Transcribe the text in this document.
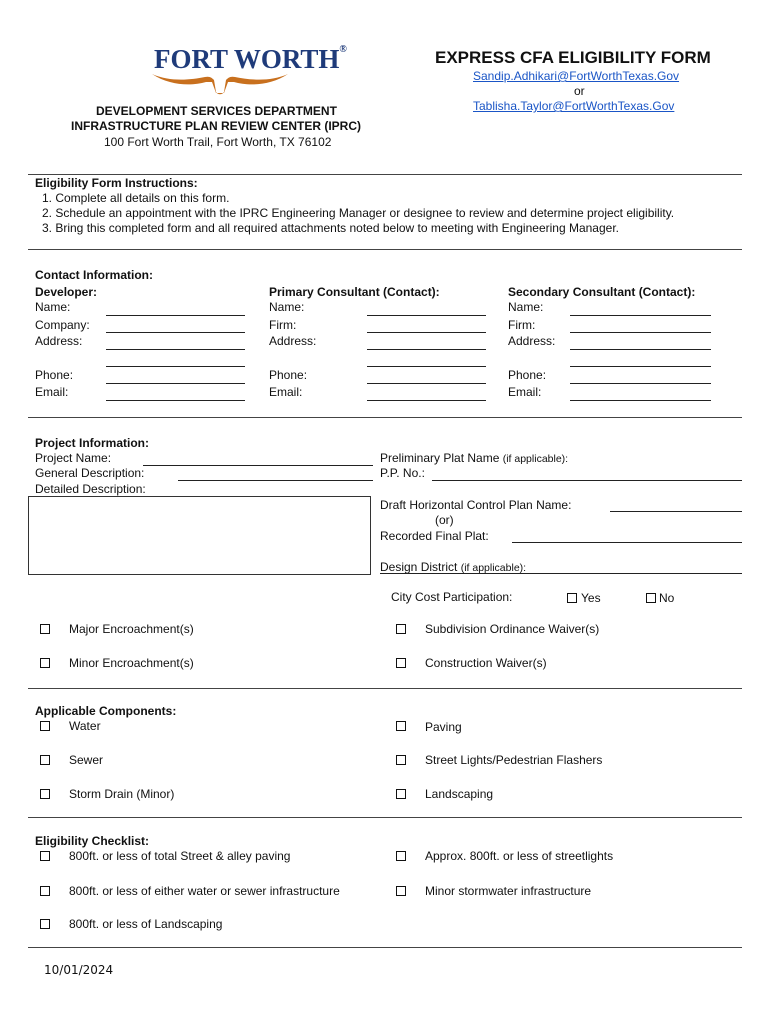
FORT WORTH®
DEVELOPMENT SERVICES DEPARTMENT
INFRASTRUCTURE PLAN REVIEW CENTER (IPRC)
100 Fort Worth Trail, Fort Worth, TX 76102
EXPRESS CFA ELIGIBILITY FORM
Sandip.Adhikari@FortWorthTexas.Gov
or
Tablisha.Taylor@FortWorthTexas.Gov
Eligibility Form Instructions:
1. Complete all details on this form.
2. Schedule an appointment with the IPRC Engineering Manager or designee to review and determine project eligibility.
3. Bring this completed form and all required attachments noted below to meeting with Engineering Manager.
Contact Information:
Developer:
Name:
Company:
Address:
Phone:
Email:
Primary Consultant (Contact):
Name:
Firm:
Address:
Phone:
Email:
Secondary Consultant (Contact):
Name:
Firm:
Address:
Phone:
Email:
Project Information:
Project Name:
General Description:
Detailed Description:
Preliminary Plat Name (if applicable):
P.P. No.:
Draft Horizontal Control Plan Name:
(or)
Recorded Final Plat:
Design District (if applicable):
City Cost Participation:	Yes	No
Major Encroachment(s)	Subdivision Ordinance Waiver(s)
Minor Encroachment(s)	Construction Waiver(s)
Applicable Components:
Water	Paving
Sewer	Street Lights/Pedestrian Flashers
Storm Drain (Minor)	Landscaping
Eligibility Checklist:
800ft. or less of total Street & alley paving	Approx. 800ft. or less of streetlights
800ft. or less of either water or sewer infrastructure	Minor stormwater infrastructure
800ft. or less of Landscaping
10/01/2024
